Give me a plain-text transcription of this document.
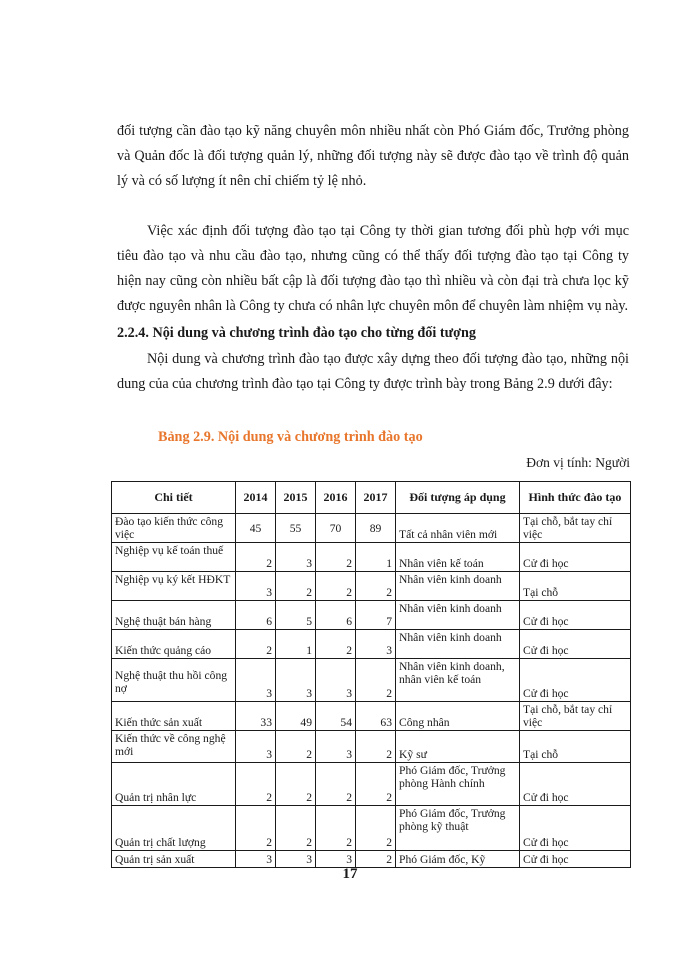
đối tượng cần đào tạo kỹ năng chuyên môn nhiều nhất còn Phó Giám đốc, Trưởng phòng và Quản đốc là đối tượng quản lý, những đối tượng này sẽ được đào tạo về trình độ quản lý và có số lượng ít nên chỉ chiếm tỷ lệ nhỏ.
Việc xác định đối tượng đào tạo tại Công ty thời gian tương đối phù hợp với mục tiêu đào tạo và nhu cầu đào tạo, nhưng cũng có thể thấy đối tượng đào tạo tại Công ty hiện nay cũng còn nhiều bất cập là đối tượng đào tạo thì nhiều và còn đại trà chưa lọc kỹ được nguyên nhân là Công ty chưa có nhân lực chuyên môn để chuyên làm nhiệm vụ này.
2.2.4. Nội dung và chương trình đào tạo cho từng đối tượng
Nội dung và chương trình đào tạo được xây dựng theo đối tượng đào tạo, những nội dung của của chương trình đào tạo tại Công ty được trình bày trong Bảng 2.9 dưới đây:
Bảng 2.9. Nội dung và chương trình đào tạo
Đơn vị tính: Người
Chi tiết	2014	2015	2016	2017	Đối tượng áp dụng	Hình thức đào tạo
Đào tạo kiến thức công việc	45	55	70	89	Tất cả nhân viên mới	Tại chỗ, bắt tay chỉ việc
Nghiệp vụ kế toán thuế	2	3	2	1	Nhân viên kế toán	Cử đi học
Nghiệp vụ ký kết HĐKT	3	2	2	2	Nhân viên kinh doanh	Tại chỗ
Nghệ thuật bán hàng	6	5	6	7	Nhân viên kinh doanh	Cử đi học
Kiến thức quảng cáo	2	1	2	3	Nhân viên kinh doanh	Cử đi học
Nghệ thuật thu hồi công nợ	3	3	3	2	Nhân viên kinh doanh, nhân viên kế toán	Cử đi học
Kiến thức sản xuất	33	49	54	63	Công nhân	Tại chỗ, bắt tay chỉ việc
Kiến thức về công nghệ mới	3	2	3	2	Kỹ sư	Tại chỗ
Quản trị nhân lực	2	2	2	2	Phó Giám đốc, Trưởng phòng Hành chính	Cử đi học
Quản trị chất lượng	2	2	2	2	Phó Giám đốc, Trưởng phòng kỹ thuật	Cử đi học
Quản trị sản xuất	3	3	3	2	Phó Giám đốc, Kỹ	Cử đi học
17
